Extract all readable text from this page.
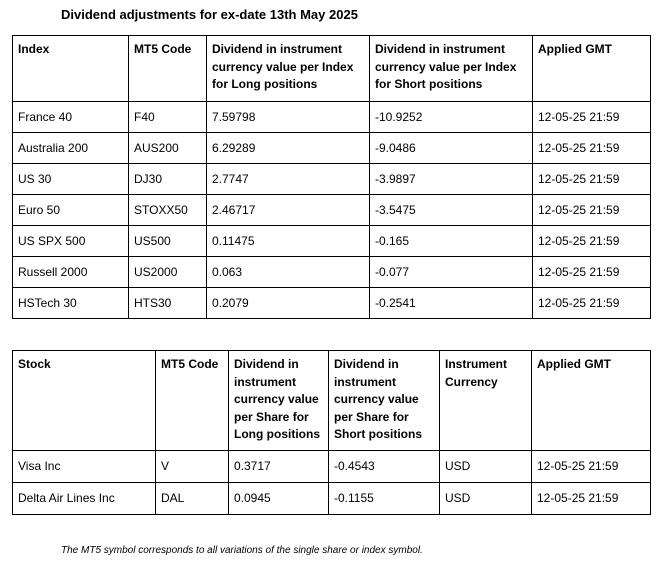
Dividend adjustments for ex-date 13th May 2025
Index	MT5 Code	Dividend in instrument currency value per Index for Long positions	Dividend in instrument currency value per Index for Short positions	Applied GMT
France 40	F40	7.59798	-10.9252	12-05-25 21:59
Australia 200	AUS200	6.29289	-9.0486	12-05-25 21:59
US 30	DJ30	2.7747	-3.9897	12-05-25 21:59
Euro 50	STOXX50	2.46717	-3.5475	12-05-25 21:59
US SPX 500	US500	0.11475	-0.165	12-05-25 21:59
Russell 2000	US2000	0.063	-0.077	12-05-25 21:59
HSTech 30	HTS30	0.2079	-0.2541	12-05-25 21:59
Stock	MT5 Code	Dividend in instrument currency value per Share for Long positions	Dividend in instrument currency value per Share for Short positions	Instrument Currency	Applied GMT
Visa Inc	V	0.3717	-0.4543	USD	12-05-25 21:59
Delta Air Lines Inc	DAL	0.0945	-0.1155	USD	12-05-25 21:59
The MT5 symbol corresponds to all variations of the single share or index symbol.
